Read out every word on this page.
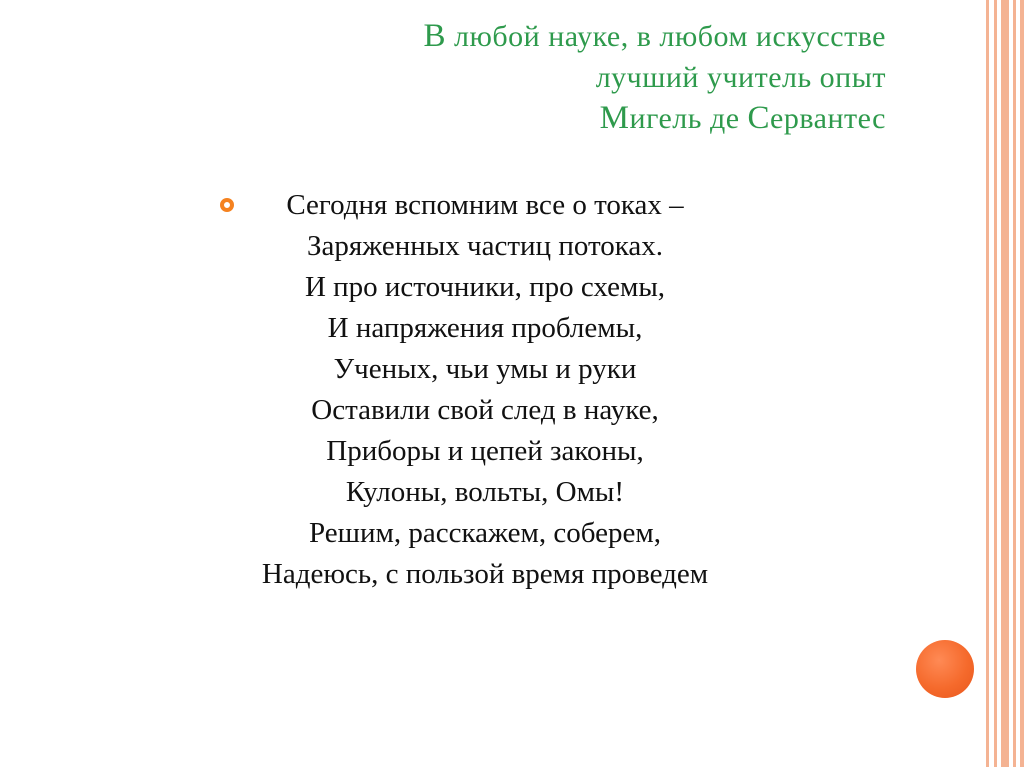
В любой науке, в любом искусстве
лучший учитель опыт
Мигель де Сервантес
Сегодня вспомним все о токах –
Заряженных частиц потоках.
И про источники, про схемы,
И напряжения проблемы,
Ученых, чьи умы и руки
Оставили свой след в науке,
Приборы и цепей законы,
Кулоны, вольты, Омы!
Решим, расскажем, соберем,
Надеюсь, с пользой время проведем
